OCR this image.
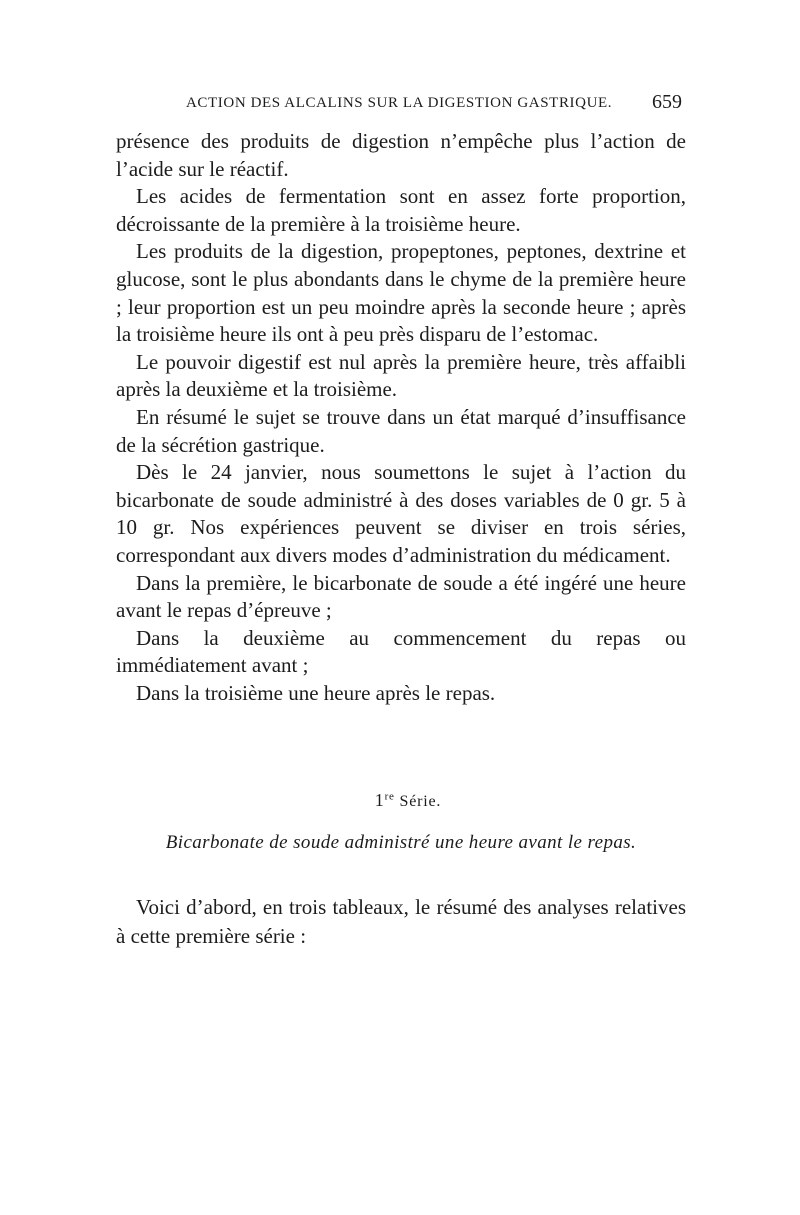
ACTION DES ALCALINS SUR LA DIGESTION GASTRIQUE. 659

présence des produits de digestion n’empêche plus l’action de l’acide sur le réactif.

Les acides de fermentation sont en assez forte proportion, décroissante de la première à la troisième heure.

Les produits de la digestion, propeptones, peptones, dextrine et glucose, sont le plus abondants dans le chyme de la première heure ; leur proportion est un peu moindre après la seconde heure ; après la troisième heure ils ont à peu près disparu de l’estomac.

Le pouvoir digestif est nul après la première heure, très affaibli après la deuxième et la troisième.

En résumé le sujet se trouve dans un état marqué d’insuffisance de la sécrétion gastrique.

Dès le 24 janvier, nous soumettons le sujet à l’action du bicarbonate de soude administré à des doses variables de 0 gr. 5 à 10 gr. Nos expériences peuvent se diviser en trois séries, correspondant aux divers modes d’administration du médicament.

Dans la première, le bicarbonate de soude a été ingéré une heure avant le repas d’épreuve ;

Dans la deuxième au commencement du repas ou immédiatement avant ;

Dans la troisième une heure après le repas.

1re Série.
Bicarbonate de soude administré une heure avant le repas.

Voici d’abord, en trois tableaux, le résumé des analyses relatives à cette première série :
